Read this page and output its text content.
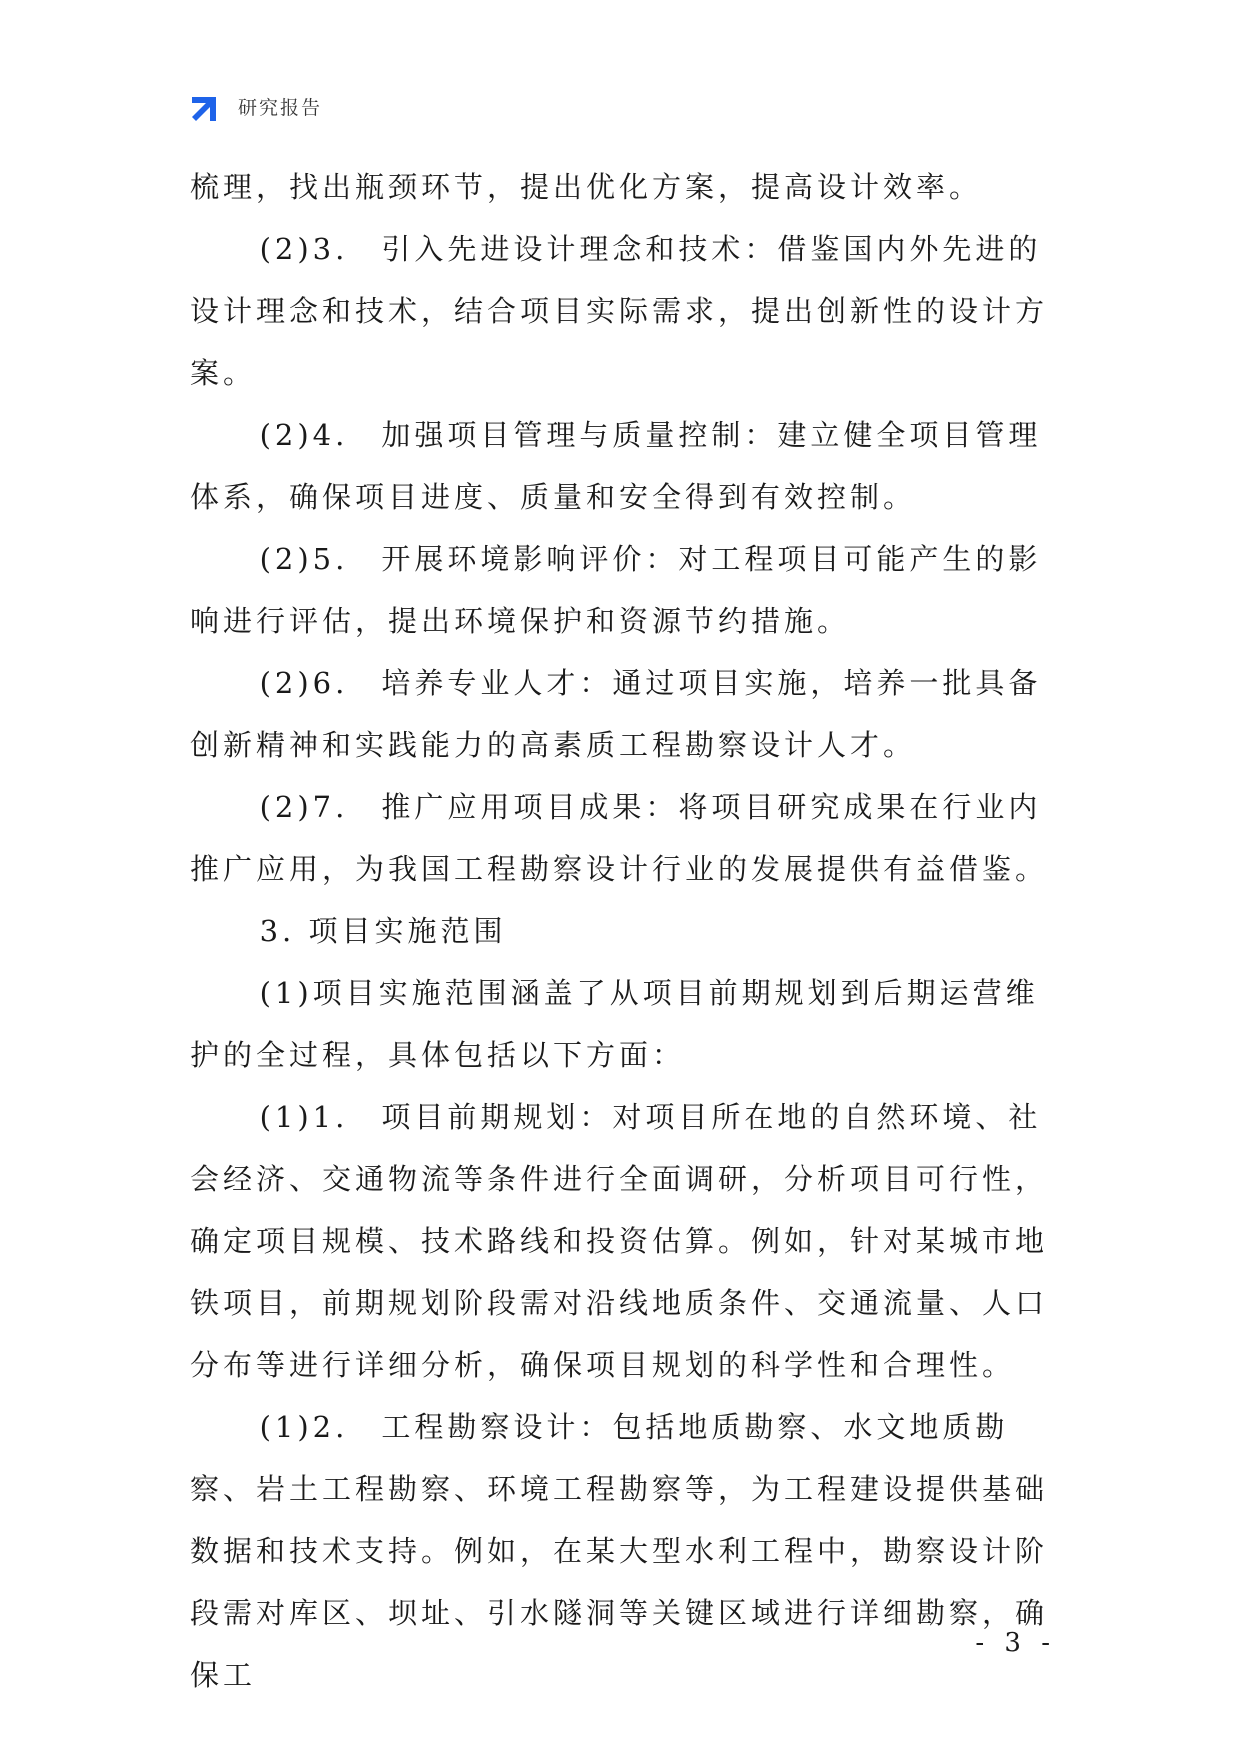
研究报告

梳理，找出瓶颈环节，提出优化方案，提高设计效率。

(2)3.　引入先进设计理念和技术：借鉴国内外先进的设计理念和技术，结合项目实际需求，提出创新性的设计方案。

(2)4.　加强项目管理与质量控制：建立健全项目管理体系，确保项目进度、质量和安全得到有效控制。

(2)5.　开展环境影响评价：对工程项目可能产生的影响进行评估，提出环境保护和资源节约措施。

(2)6.　培养专业人才：通过项目实施，培养一批具备创新精神和实践能力的高素质工程勘察设计人才。

(2)7.　推广应用项目成果：将项目研究成果在行业内推广应用，为我国工程勘察设计行业的发展提供有益借鉴。

3. 项目实施范围

(1)项目实施范围涵盖了从项目前期规划到后期运营维护的全过程，具体包括以下方面：

(1)1.　项目前期规划：对项目所在地的自然环境、社会经济、交通物流等条件进行全面调研，分析项目可行性，确定项目规模、技术路线和投资估算。例如，针对某城市地铁项目，前期规划阶段需对沿线地质条件、交通流量、人口分布等进行详细分析，确保项目规划的科学性和合理性。

(1)2.　工程勘察设计：包括地质勘察、水文地质勘察、岩土工程勘察、环境工程勘察等，为工程建设提供基础数据和技术支持。例如，在某大型水利工程中，勘察设计阶段需对库区、坝址、引水隧洞等关键区域进行详细勘察，确保工

- 3 -
